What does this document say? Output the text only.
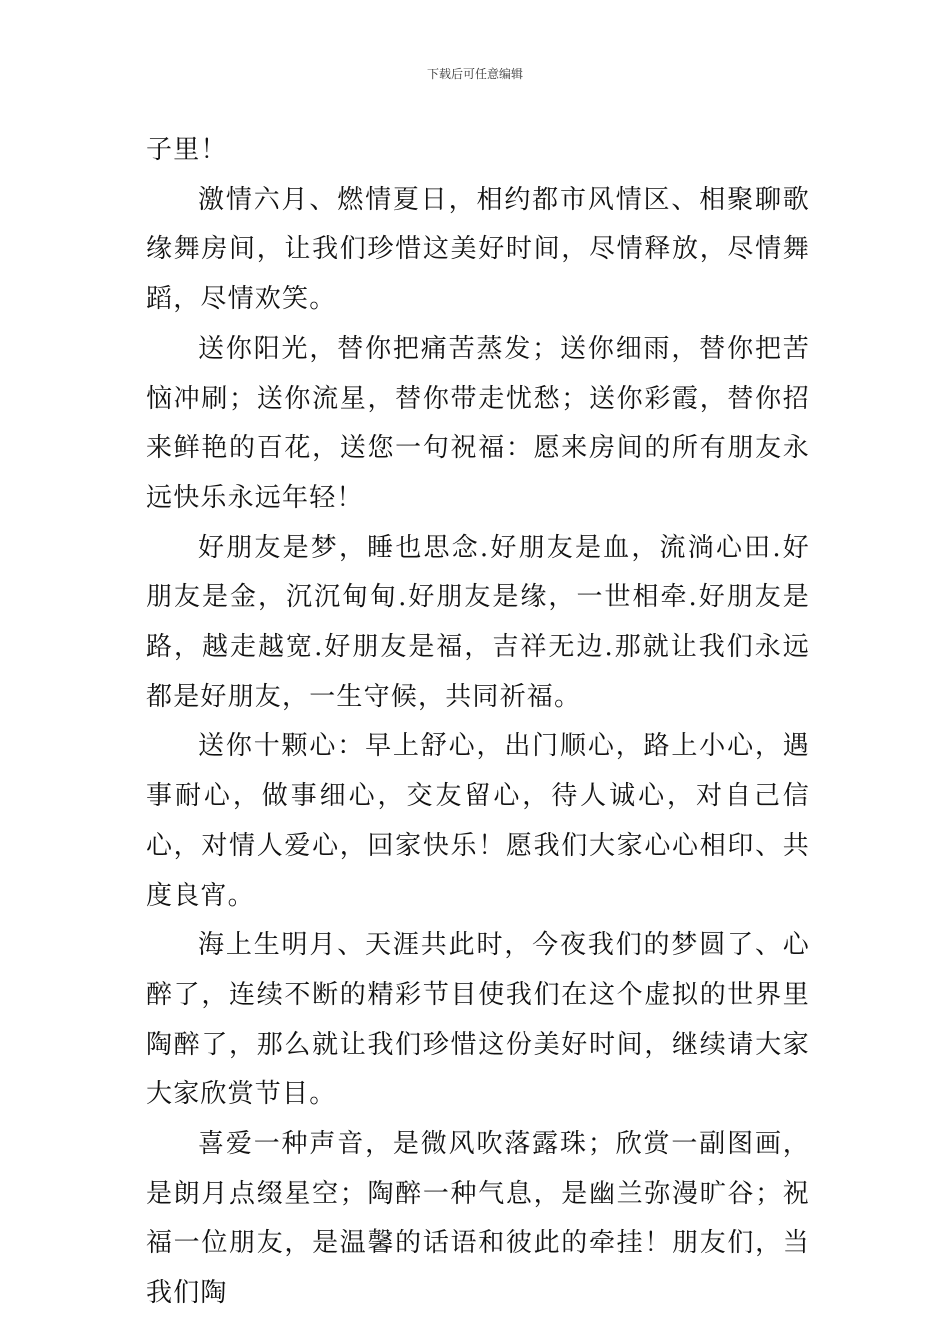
下载后可任意编辑

子里！

激情六月、燃情夏日，相约都市风情区、相聚聊歌缘舞房间，让我们珍惜这美好时间，尽情释放，尽情舞蹈，尽情欢笑。

送你阳光，替你把痛苦蒸发；送你细雨，替你把苦恼冲刷；送你流星，替你带走忧愁；送你彩霞，替你招来鲜艳的百花，送您一句祝福：愿来房间的所有朋友永远快乐永远年轻！

好朋友是梦，睡也思念.好朋友是血，流淌心田.好朋友是金，沉沉甸甸.好朋友是缘，一世相牵.好朋友是路，越走越宽.好朋友是福，吉祥无边.那就让我们永远都是好朋友，一生守候，共同祈福。

送你十颗心：早上舒心，出门顺心，路上小心，遇事耐心，做事细心，交友留心，待人诚心，对自己信心，对情人爱心，回家快乐！愿我们大家心心相印、共度良宵。

海上生明月、天涯共此时，今夜我们的梦圆了、心醉了，连续不断的精彩节目使我们在这个虚拟的世界里陶醉了，那么就让我们珍惜这份美好时间，继续请大家大家欣赏节目。

喜爱一种声音，是微风吹落露珠；欣赏一副图画，是朗月点缀星空；陶醉一种气息，是幽兰弥漫旷谷；祝福一位朋友，是温馨的话语和彼此的牵挂！朋友们，当我们陶
